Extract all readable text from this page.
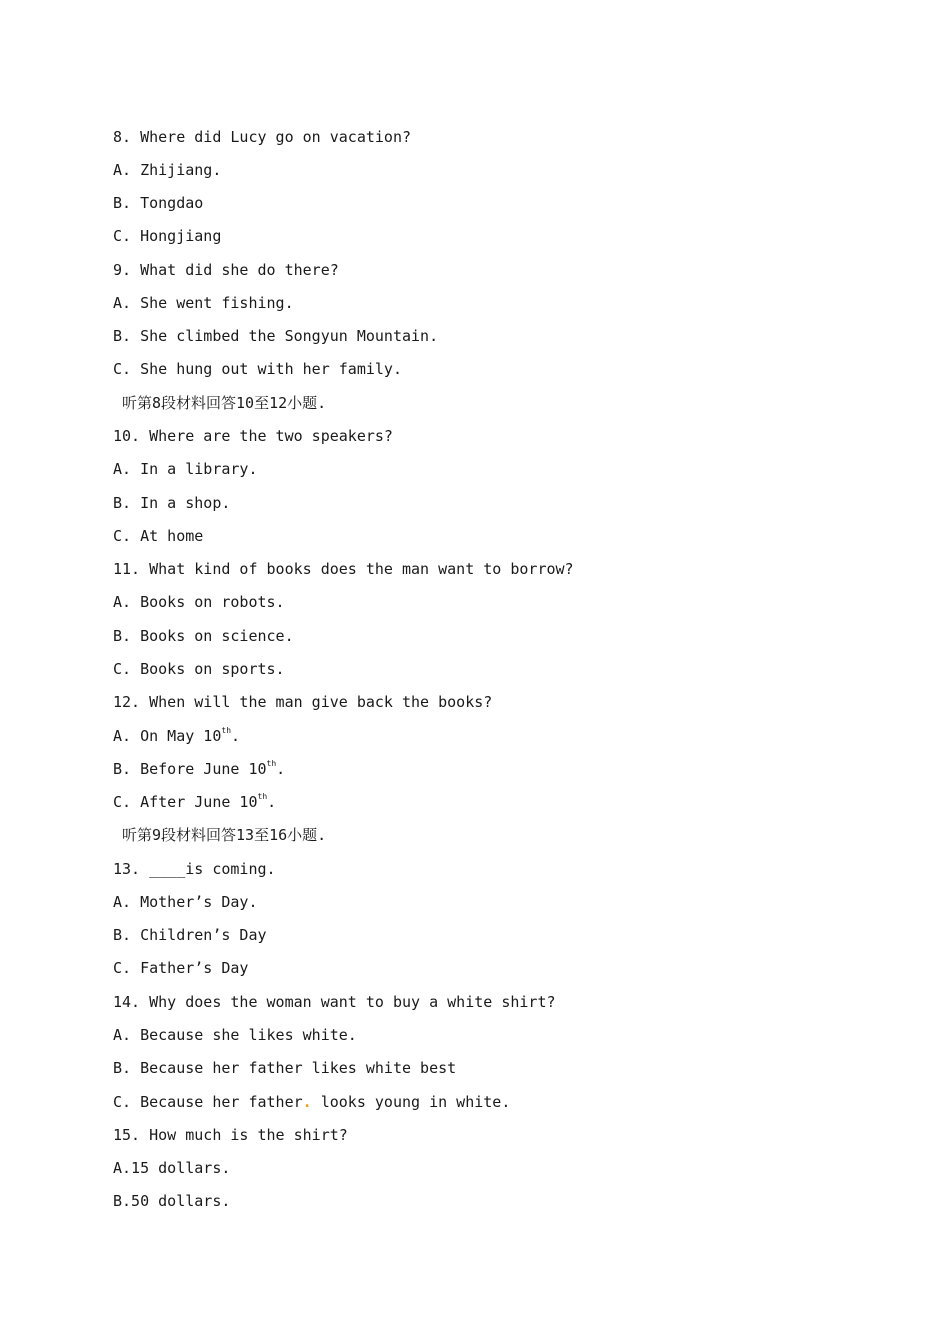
8. Where did Lucy go on vacation?
A. Zhijiang.
B. Tongdao
C. Hongjiang
9. What did she do there?
A. She went fishing.
B. She climbed the Songyun Mountain.
C. She hung out with her family.
听第8段材料回答10至12小题.
10. Where are the two speakers?
A. In a library.
B. In a shop.
C. At home
11. What kind of books does the man want to borrow?
A. Books on robots.
B. Books on science.
C. Books on sports.
12. When will the man give back the books?
A. On May 10th.
B. Before June 10th.
C. After June 10th.
听第9段材料回答13至16小题.
13. ____is coming.
A. Mother’s Day.
B. Children’s Day
C. Father’s Day
14. Why does the woman want to buy a white shirt?
A. Because she likes white.
B. Because her father likes white best
C. Because her father. looks young in white.
15. How much is the shirt?
A.15 dollars.
B.50 dollars.
